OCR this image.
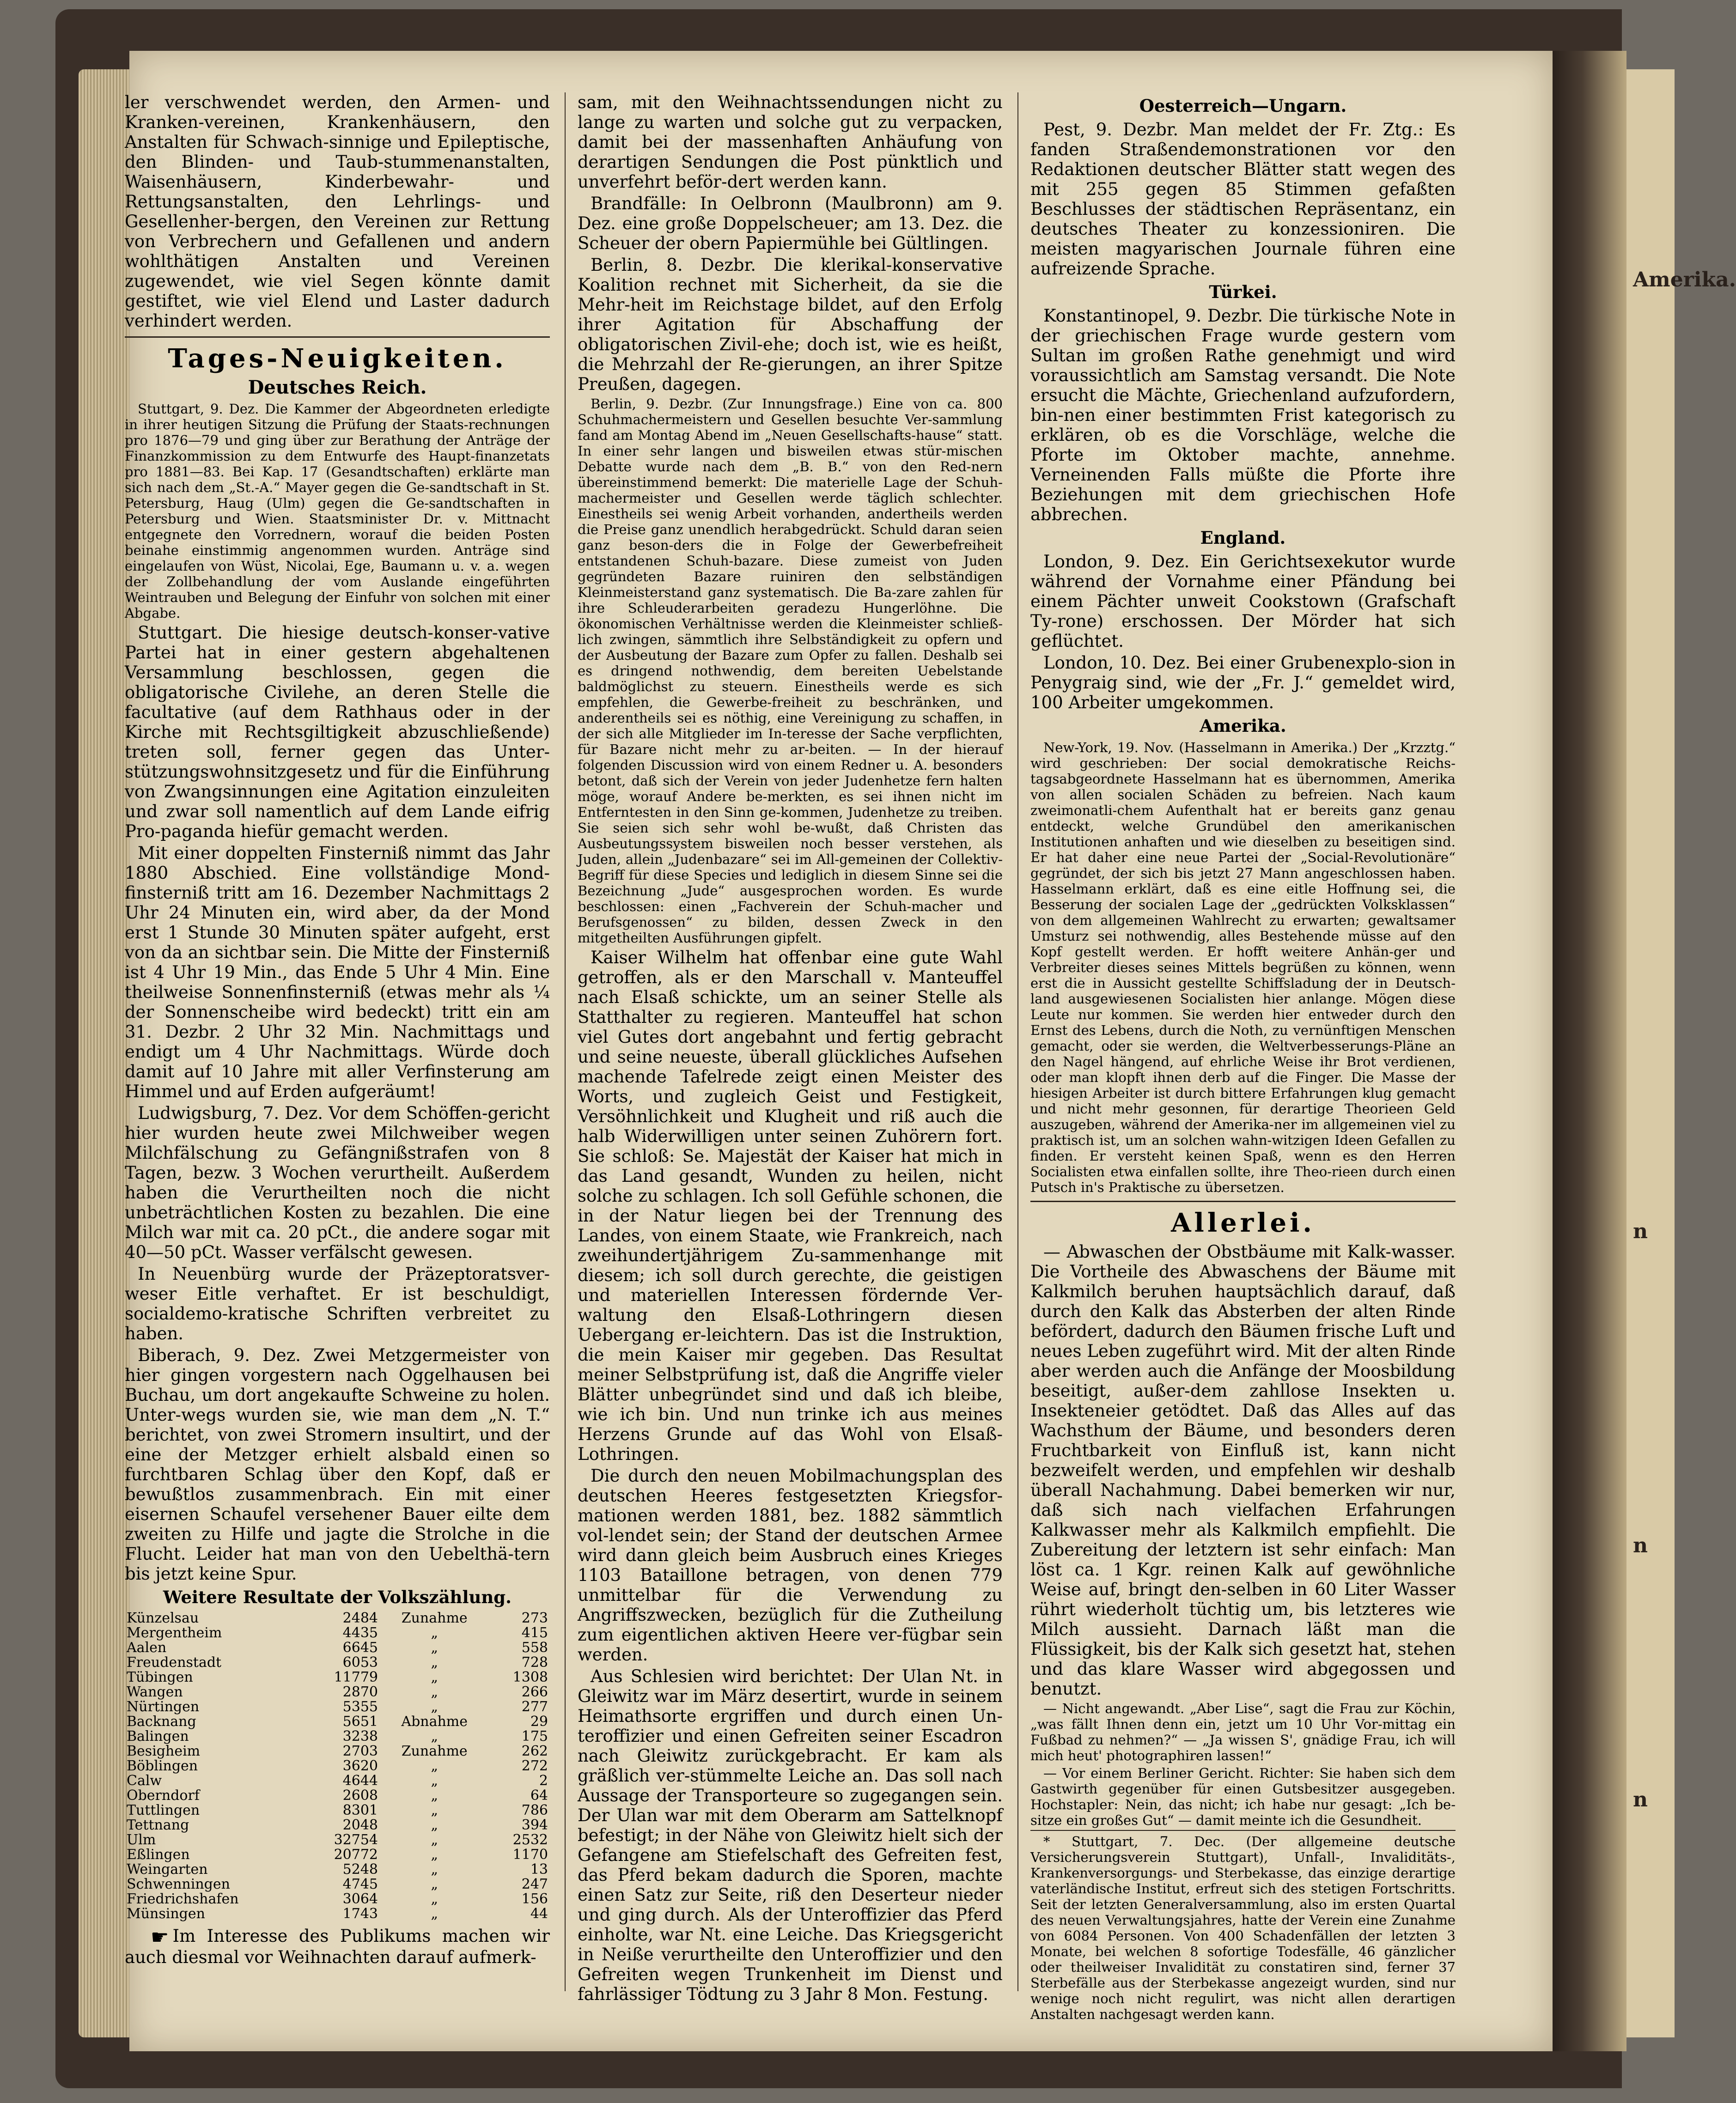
Amerika.
n
n
n

ler verschwendet werden, den Armen- und Kranken-vereinen, Krankenhäusern, den Anstalten für Schwach-sinnige und Epileptische, den Blinden- und Taub-stummenanstalten, Waisenhäusern, Kinderbewahr- und Rettungsanstalten, den Lehrlings- und Gesellenher-bergen, den Vereinen zur Rettung von Verbrechern und Gefallenen und andern wohlthätigen Anstalten und Vereinen zugewendet, wie viel Segen könnte damit gestiftet, wie viel Elend und Laster dadurch verhindert werden.

Tages-Neuigkeiten.
Deutsches Reich.

Stuttgart, 9. Dez. Die Kammer der Abgeordneten erledigte in ihrer heutigen Sitzung die Prüfung der Staats-rechnungen pro 1876—79 und ging über zur Berathung der Anträge der Finanzkommission zu dem Entwurfe des Haupt-finanzetats pro 1881—83. Bei Kap. 17 (Gesandtschaften) erklärte man sich nach dem „St.-A.“ Mayer gegen die Ge-sandtschaft in St. Petersburg, Haug (Ulm) gegen die Ge-sandtschaften in Petersburg und Wien. Staatsminister Dr. v. Mittnacht entgegnete den Vorrednern, worauf die beiden Posten beinahe einstimmig angenommen wurden. Anträge sind eingelaufen von Wüst, Nicolai, Ege, Baumann u. v. a. wegen der Zollbehandlung der vom Auslande eingeführten Weintrauben und Belegung der Einfuhr von solchen mit einer Abgabe.

Stuttgart. Die hiesige deutsch-konser-vative Partei hat in einer gestern abgehaltenen Versammlung beschlossen, gegen die obligatorische Civilehe, an deren Stelle die facultative (auf dem Rathhaus oder in der Kirche mit Rechtsgiltigkeit abzuschließende) treten soll, ferner gegen das Unter-stützungswohnsitzgesetz und für die Einführung von Zwangsinnungen eine Agitation einzuleiten und zwar soll namentlich auf dem Lande eifrig Pro-paganda hiefür gemacht werden.

Mit einer doppelten Finsterniß nimmt das Jahr 1880 Abschied. Eine vollständige Mond-finsterniß tritt am 16. Dezember Nachmittags 2 Uhr 24 Minuten ein, wird aber, da der Mond erst 1 Stunde 30 Minuten später aufgeht, erst von da an sichtbar sein. Die Mitte der Finsterniß ist 4 Uhr 19 Min., das Ende 5 Uhr 4 Min. Eine theilweise Sonnenfinsterniß (etwas mehr als ¼ der Sonnenscheibe wird bedeckt) tritt ein am 31. Dezbr. 2 Uhr 32 Min. Nachmittags und endigt um 4 Uhr Nachmittags. Würde doch damit auf 10 Jahre mit aller Verfinsterung am Himmel und auf Erden aufgeräumt!

Ludwigsburg, 7. Dez. Vor dem Schöffen-gericht hier wurden heute zwei Milchweiber wegen Milchfälschung zu Gefängnißstrafen von 8 Tagen, bezw. 3 Wochen verurtheilt. Außerdem haben die Verurtheilten noch die nicht unbeträchtlichen Kosten zu bezahlen. Die eine Milch war mit ca. 20 pCt., die andere sogar mit 40—50 pCt. Wasser verfälscht gewesen.

In Neuenbürg wurde der Präzeptoratsver-weser Eitle verhaftet. Er ist beschuldigt, socialdemo-kratische Schriften verbreitet zu haben.

Biberach, 9. Dez. Zwei Metzgermeister von hier gingen vorgestern nach Oggelhausen bei Buchau, um dort angekaufte Schweine zu holen. Unter-wegs wurden sie, wie man dem „N. T.“ berichtet, von zwei Stromern insultirt, und der eine der Metzger erhielt alsbald einen so furchtbaren Schlag über den Kopf, daß er bewußtlos zusammenbrach. Ein mit einer eisernen Schaufel versehener Bauer eilte dem zweiten zu Hilfe und jagte die Strolche in die Flucht. Leider hat man von den Uebelthä-tern bis jetzt keine Spur.

Weitere Resultate der Volkszählung.
Künzelsau	2484	Zunahme	273
Mergentheim	4435	„	415
Aalen	6645	„	558
Freudenstadt	6053	„	728
Tübingen	11779	„	1308
Wangen	2870	„	266
Nürtingen	5355	„	277
Backnang	5651	Abnahme	29
Balingen	3238	„	175
Besigheim	2703	Zunahme	262
Böblingen	3620	„	272
Calw	4644	„	2
Oberndorf	2608	„	64
Tuttlingen	8301	„	786
Tettnang	2048	„	394
Ulm	32754	„	2532
Eßlingen	20772	„	1170
Weingarten	5248	„	13
Schwenningen	4745	„	247
Friedrichshafen	3064	„	156
Münsingen	1743	„	44

☛ Im Interesse des Publikums machen wir auch diesmal vor Weihnachten darauf aufmerk-

sam, mit den Weihnachtssendungen nicht zu lange zu warten und solche gut zu verpacken, damit bei der massenhaften Anhäufung von derartigen Sendungen die Post pünktlich und unverfehrt beför-dert werden kann.

Brandfälle: In Oelbronn (Maulbronn) am 9. Dez. eine große Doppelscheuer; am 13. Dez. die Scheuer der obern Papiermühle bei Gültlingen.

Berlin, 8. Dezbr. Die klerikal-konservative Koalition rechnet mit Sicherheit, da sie die Mehr-heit im Reichstage bildet, auf den Erfolg ihrer Agitation für Abschaffung der obligatorischen Zivil-ehe; doch ist, wie es heißt, die Mehrzahl der Re-gierungen, an ihrer Spitze Preußen, dagegen.

Berlin, 9. Dezbr. (Zur Innungsfrage.) Eine von ca. 800 Schuhmachermeistern und Gesellen besuchte Ver-sammlung fand am Montag Abend im „Neuen Gesellschafts-hause“ statt. In einer sehr langen und bisweilen etwas stür-mischen Debatte wurde nach dem „B. B.“ von den Red-nern übereinstimmend bemerkt: Die materielle Lage der Schuh-machermeister und Gesellen werde täglich schlechter. Einestheils sei wenig Arbeit vorhanden, andertheils werden die Preise ganz unendlich herabgedrückt. Schuld daran seien ganz beson-ders die in Folge der Gewerbefreiheit entstandenen Schuh-bazare. Diese zumeist von Juden gegründeten Bazare ruiniren den selbständigen Kleinmeisterstand ganz systematisch. Die Ba-zare zahlen für ihre Schleuderarbeiten geradezu Hungerlöhne. Die ökonomischen Verhältnisse werden die Kleinmeister schließ-lich zwingen, sämmtlich ihre Selbständigkeit zu opfern und der Ausbeutung der Bazare zum Opfer zu fallen. Deshalb sei es dringend nothwendig, dem bereiten Uebelstande baldmöglichst zu steuern. Einestheils werde es sich empfehlen, die Gewerbe-freiheit zu beschränken, und anderentheils sei es nöthig, eine Vereinigung zu schaffen, in der sich alle Mitglieder im In-teresse der Sache verpflichten, für Bazare nicht mehr zu ar-beiten. — In der hierauf folgenden Discussion wird von einem Redner u. A. besonders betont, daß sich der Verein von jeder Judenhetze fern halten möge, worauf Andere be-merkten, es sei ihnen nicht im Entferntesten in den Sinn ge-kommen, Judenhetze zu treiben. Sie seien sich sehr wohl be-wußt, daß Christen das Ausbeutungssystem bisweilen noch besser verstehen, als Juden, allein „Judenbazare“ sei im All-gemeinen der Collektiv-Begriff für diese Species und lediglich in diesem Sinne sei die Bezeichnung „Jude“ ausgesprochen worden. Es wurde beschlossen: einen „Fachverein der Schuh-macher und Berufsgenossen“ zu bilden, dessen Zweck in den mitgetheilten Ausführungen gipfelt.

Kaiser Wilhelm hat offenbar eine gute Wahl getroffen, als er den Marschall v. Manteuffel nach Elsaß schickte, um an seiner Stelle als Statthalter zu regieren. Manteuffel hat schon viel Gutes dort angebahnt und fertig gebracht und seine neueste, überall glückliches Aufsehen machende Tafelrede zeigt einen Meister des Worts, und zugleich Geist und Festigkeit, Versöhnlichkeit und Klugheit und riß auch die halb Widerwilligen unter seinen Zuhörern fort. Sie schloß: Se. Majestät der Kaiser hat mich in das Land gesandt, Wunden zu heilen, nicht solche zu schlagen. Ich soll Gefühle schonen, die in der Natur liegen bei der Trennung des Landes, von einem Staate, wie Frankreich, nach zweihundertjährigem Zu-sammenhange mit diesem; ich soll durch gerechte, die geistigen und materiellen Interessen fördernde Ver-waltung den Elsaß-Lothringern diesen Uebergang er-leichtern. Das ist die Instruktion, die mein Kaiser mir gegeben. Das Resultat meiner Selbstprüfung ist, daß die Angriffe vieler Blätter unbegründet sind und daß ich bleibe, wie ich bin. Und nun trinke ich aus meines Herzens Grunde auf das Wohl von Elsaß-Lothringen.

Die durch den neuen Mobilmachungsplan des deutschen Heeres festgesetzten Kriegsfor-mationen werden 1881, bez. 1882 sämmtlich vol-lendet sein; der Stand der deutschen Armee wird dann gleich beim Ausbruch eines Krieges 1103 Bataillone betragen, von denen 779 unmittelbar für die Verwendung zu Angriffszwecken, bezüglich für die Zutheilung zum eigentlichen aktiven Heere ver-fügbar sein werden.

Aus Schlesien wird berichtet: Der Ulan Nt. in Gleiwitz war im März desertirt, wurde in seinem Heimathsorte ergriffen und durch einen Un-teroffizier und einen Gefreiten seiner Escadron nach Gleiwitz zurückgebracht. Er kam als gräßlich ver-stümmelte Leiche an. Das soll nach Aussage der Transporteure so zugegangen sein. Der Ulan war mit dem Oberarm am Sattelknopf befestigt; in der Nähe von Gleiwitz hielt sich der Gefangene am Stiefelschaft des Gefreiten fest, das Pferd bekam dadurch die Sporen, machte einen Satz zur Seite, riß den Deserteur nieder und ging durch. Als der Unteroffizier das Pferd einholte, war Nt. eine Leiche. Das Kriegsgericht in Neiße verurtheilte den Unteroffizier und den Gefreiten wegen Trunkenheit im Dienst und fahrlässiger Tödtung zu 3 Jahr 8 Mon. Festung.

Oesterreich—Ungarn.

Pest, 9. Dezbr. Man meldet der Fr. Ztg.: Es fanden Straßendemonstrationen vor den Redaktionen deutscher Blätter statt wegen des mit 255 gegen 85 Stimmen gefaßten Beschlusses der städtischen Repräsentanz, ein deutsches Theater zu konzessioniren. Die meisten magyarischen Journale führen eine aufreizende Sprache.

Türkei.

Konstantinopel, 9. Dezbr. Die türkische Note in der griechischen Frage wurde gestern vom Sultan im großen Rathe genehmigt und wird voraussichtlich am Samstag versandt. Die Note ersucht die Mächte, Griechenland aufzufordern, bin-nen einer bestimmten Frist kategorisch zu erklären, ob es die Vorschläge, welche die Pforte im Oktober machte, annehme. Verneinenden Falls müßte die Pforte ihre Beziehungen mit dem griechischen Hofe abbrechen.

England.

London, 9. Dez. Ein Gerichtsexekutor wurde während der Vornahme einer Pfändung bei einem Pächter unweit Cookstown (Grafschaft Ty-rone) erschossen. Der Mörder hat sich geflüchtet.

London, 10. Dez. Bei einer Grubenexplo-sion in Penygraig sind, wie der „Fr. J.“ gemeldet wird, 100 Arbeiter umgekommen.

Amerika.

New-York, 19. Nov. (Hasselmann in Amerika.) Der „Krzztg.“ wird geschrieben: Der social demokratische Reichs-tagsabgeordnete Hasselmann hat es übernommen, Amerika von allen socialen Schäden zu befreien. Nach kaum zweimonatli-chem Aufenthalt hat er bereits ganz genau entdeckt, welche Grundübel den amerikanischen Institutionen anhaften und wie dieselben zu beseitigen sind. Er hat daher eine neue Partei der „Social-Revolutionäre“ gegründet, der sich bis jetzt 27 Mann angeschlossen haben. Hasselmann erklärt, daß es eine eitle Hoffnung sei, die Besserung der socialen Lage der „gedrückten Volksklassen“ von dem allgemeinen Wahlrecht zu erwarten; gewaltsamer Umsturz sei nothwendig, alles Bestehende müsse auf den Kopf gestellt werden. Er hofft weitere Anhän-ger und Verbreiter dieses seines Mittels begrüßen zu können, wenn erst die in Aussicht gestellte Schiffsladung der in Deutsch-land ausgewiesenen Socialisten hier anlange. Mögen diese Leute nur kommen. Sie werden hier entweder durch den Ernst des Lebens, durch die Noth, zu vernünftigen Menschen gemacht, oder sie werden, die Weltverbesserungs-Pläne an den Nagel hängend, auf ehrliche Weise ihr Brot verdienen, oder man klopft ihnen derb auf die Finger. Die Masse der hiesigen Arbeiter ist durch bittere Erfahrungen klug gemacht und nicht mehr gesonnen, für derartige Theorieen Geld auszugeben, während der Amerika-ner im allgemeinen viel zu praktisch ist, um an solchen wahn-witzigen Ideen Gefallen zu finden. Er versteht keinen Spaß, wenn es den Herren Socialisten etwa einfallen sollte, ihre Theo-rieen durch einen Putsch in's Praktische zu übersetzen.

Allerlei.

— Abwaschen der Obstbäume mit Kalk-wasser. Die Vortheile des Abwaschens der Bäume mit Kalkmilch beruhen hauptsächlich darauf, daß durch den Kalk das Absterben der alten Rinde befördert, dadurch den Bäumen frische Luft und neues Leben zugeführt wird. Mit der alten Rinde aber werden auch die Anfänge der Moosbildung beseitigt, außer-dem zahllose Insekten u. Insekteneier getödtet. Daß das Alles auf das Wachsthum der Bäume, und besonders deren Fruchtbarkeit von Einfluß ist, kann nicht bezweifelt werden, und empfehlen wir deshalb überall Nachahmung. Dabei bemerken wir nur, daß sich nach vielfachen Erfahrungen Kalkwasser mehr als Kalkmilch empfiehlt. Die Zubereitung der letztern ist sehr einfach: Man löst ca. 1 Kgr. reinen Kalk auf gewöhnliche Weise auf, bringt den-selben in 60 Liter Wasser rührt wiederholt tüchtig um, bis letzteres wie Milch aussieht. Darnach läßt man die Flüssigkeit, bis der Kalk sich gesetzt hat, stehen und das klare Wasser wird abgegossen und benutzt.

— Nicht angewandt. „Aber Lise“, sagt die Frau zur Köchin, „was fällt Ihnen denn ein, jetzt um 10 Uhr Vor-mittag ein Fußbad zu nehmen?“ — „Ja wissen S', gnädige Frau, ich will mich heut' photographiren lassen!“

— Vor einem Berliner Gericht. Richter: Sie haben sich dem Gastwirth gegenüber für einen Gutsbesitzer ausgegeben. Hochstapler: Nein, das nicht; ich habe nur gesagt: „Ich be-sitze ein großes Gut“ — damit meinte ich die Gesundheit.

* Stuttgart, 7. Dec. (Der allgemeine deutsche Versicherungsverein Stuttgart), Unfall-, Invaliditäts-, Krankenversorgungs- und Sterbekasse, das einzige derartige vaterländische Institut, erfreut sich des stetigen Fortschritts. Seit der letzten Generalversammlung, also im ersten Quartal des neuen Verwaltungsjahres, hatte der Verein eine Zunahme von 6084 Personen. Von 400 Schadenfällen der letzten 3 Monate, bei welchen 8 sofortige Todesfälle, 46 gänzlicher oder theilweiser Invalidität zu constatiren sind, ferner 37 Sterbefälle aus der Sterbekasse angezeigt wurden, sind nur wenige noch nicht regulirt, was nicht allen derartigen Anstalten nachgesagt werden kann.
